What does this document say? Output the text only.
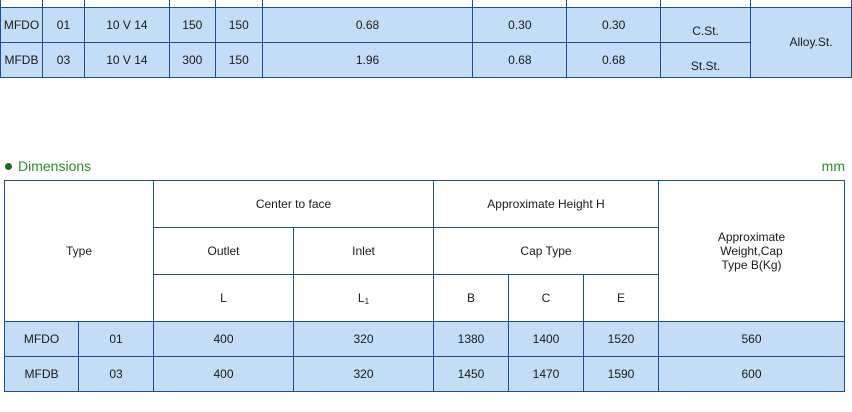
MFDO	01	10 V 14	150	150	0.68	0.30	0.30	C.St.	Alloy.St.
MFDB	03	10 V 14	300	150	1.96	0.68	0.68	St.St.	
Dimensions	mm
Type		Center to face		Approximate Height H			Approximate Weight,Cap Type B(Kg)
		Outlet	Inlet	Cap Type			
		L	$L_1$	B	C	E	
MFDO	01	400	320	1380	1400	1520	560
MFDB	03	400	320	1450	1470	1590	600
